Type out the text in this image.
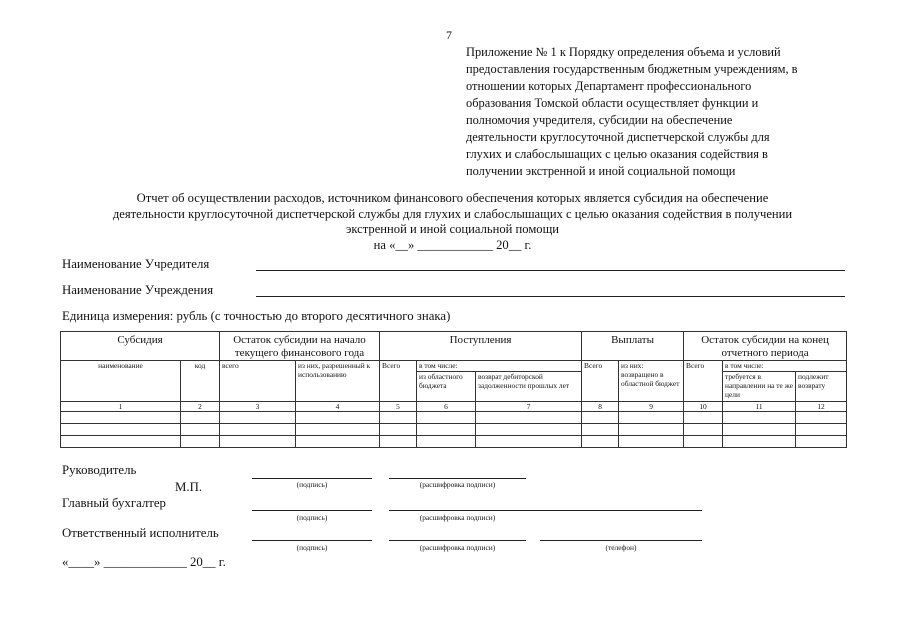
7
Приложение № 1 к Порядку определения объема и условий
предоставления государственным бюджетным учреждениям, в
отношении которых Департамент профессионального
образования Томской области осуществляет функции и
полномочия учредителя, субсидии на обеспечение
деятельности круглосуточной диспетчерской службы для
глухих и слабослышащих с целью оказания содействия в
получении экстренной и иной социальной помощи
Отчет об осуществлении расходов, источником финансового обеспечения которых является субсидия на обеспечение
деятельности круглосуточной диспетчерской службы для глухих и слабослышащих с целью оказания содействия в получении
экстренной и иной социальной помощи
на «__» ____________ 20__ г.
Наименование Учредителя
Наименование Учреждения
Единица измерения: рубль (с точностью до второго десятичного знака)
Субсидия		Остаток субсидии на начало текущего финансового года		Поступления			Выплаты		Остаток субсидии на конец отчетного периода		
наименование	код	всего	из них, разрешенный к использованию	Всего	в том числе:		Всего	из них: возвращено в областной бюджет	Всего	в том числе:	
					из областного бюджета	возврат дебиторской задолженности прошлых лет				требуется в направлении на те же цели	подлежит возврату
1	2	3	4	5	6	7	8	9	10	11	12

Руководитель
М.П.	(подпись)	(расшифровка подписи)
Главный бухгалтер
(подпись)	(расшифровка подписи)
Ответственный исполнитель
(подпись)	(расшифровка подписи)	(телефон)
«____» _____________ 20__ г.
